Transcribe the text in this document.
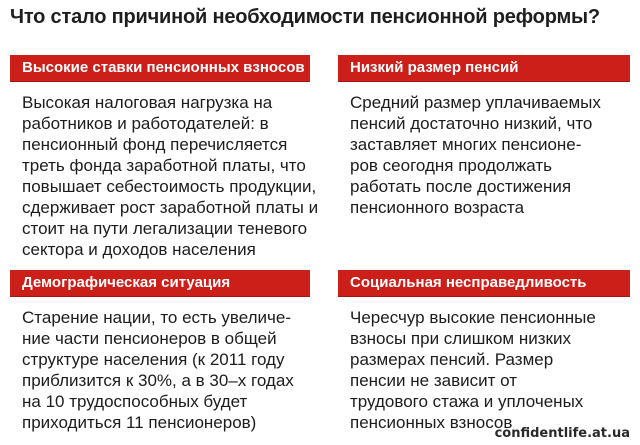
Что стало причиной необходимости пенсионной реформы?
Высокие ставки пенсионных взносов
Высокая налоговая нагрузка на
работников и работодателей: в
пенсионный фонд перечисляется
треть фонда заработной платы, что
повышает себестоимость продукции,
сдерживает рост заработной платы и
стоит на пути легализации теневого
сектора и доходов населения
Низкий размер пенсий
Средний размер уплачиваемых
пенсий достаточно низкий, что
заставляет многих пенсионе-
ров сеогодня продолжать
работать после достижения
пенсионного возраста
Демографическая ситуация
Старение нации, то есть увеличе-
ние части пенсионеров в общей
структуре населения (к 2011 году
приблизится к 30%, а в 30–х годах
на 10 трудоспособных будет
приходиться 11 пенсионеров)
Социальная несправедливость
Чересчур высокие пенсионные
взносы при слишком низких
размерах пенсий. Размер
пенсии не зависит от
трудового стажа и уплоченых
пенсионных взносов
confidentlife.at.ua
